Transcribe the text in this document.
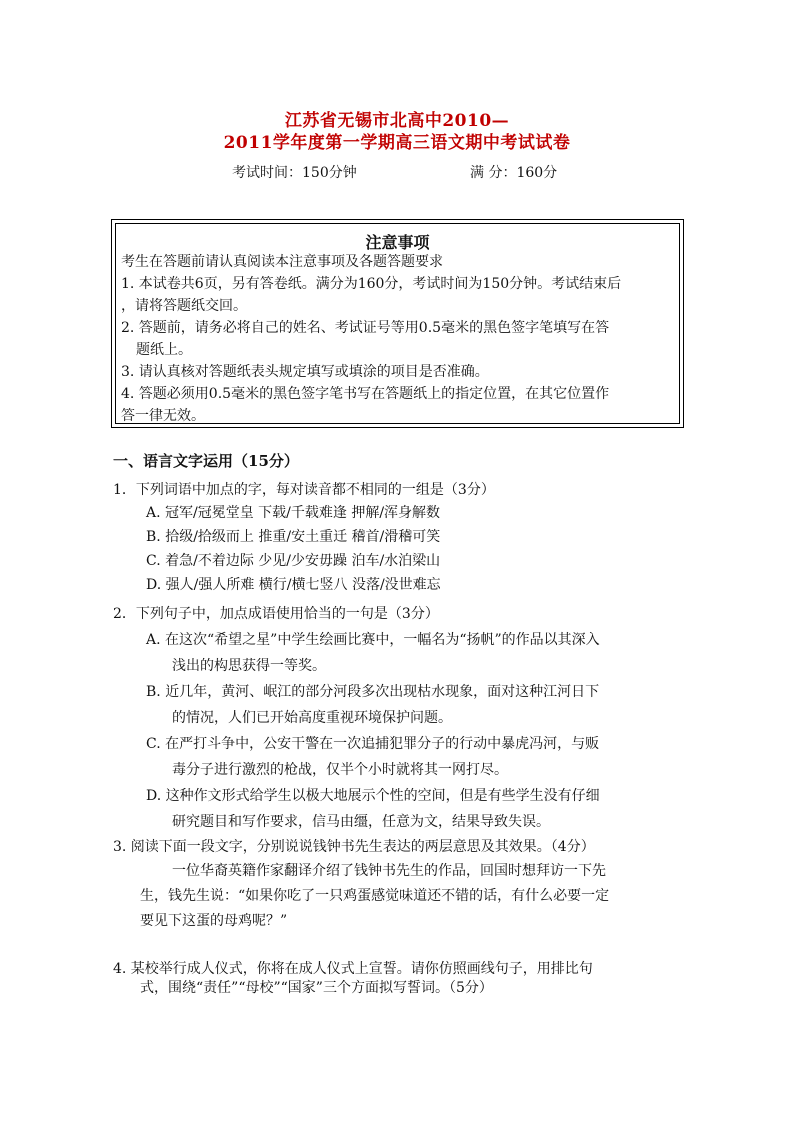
江苏省无锡市北高中2010—
2011学年度第一学期高三语文期中考试试卷
考试时间：150分钟	满 分：160分
注意事项
考生在答题前请认真阅读本注意事项及各题答题要求
1. 本试卷共6页，另有答卷纸。满分为160分，考试时间为150分钟。考试结束后
，请将答题纸交回。
2. 答题前，请务必将自己的姓名、考试证号等用0.5毫米的黑色签字笔填写在答
题纸上。
3. 请认真核对答题纸表头规定填写或填涂的项目是否准确。
4. 答题必须用0.5毫米的黑色签字笔书写在答题纸上的指定位置，在其它位置作
答一律无效。
一、语言文字运用（15分）
1．下列词语中加点的字，每对读音都不相同的一组是（3分）
A. 冠军/冠冕堂皇 下载/千载难逢 押解/浑身解数
B. 拾级/拾级而上 推重/安土重迁 稽首/滑稽可笑
C. 着急/不着边际 少见/少安毋躁 泊车/水泊梁山
D. 强人/强人所难 横行/横七竖八 没落/没世难忘
2．下列句子中，加点成语使用恰当的一句是（3分）
A. 在这次“希望之星”中学生绘画比赛中，一幅名为“扬帆”的作品以其深入
浅出的构思获得一等奖。
B. 近几年，黄河、岷江的部分河段多次出现枯水现象，面对这种江河日下
的情况，人们已开始高度重视环境保护问题。
C. 在严打斗争中，公安干警在一次追捕犯罪分子的行动中暴虎冯河，与贩
毒分子进行激烈的枪战，仅半个小时就将其一网打尽。
D. 这种作文形式给学生以极大地展示个性的空间，但是有些学生没有仔细
研究题目和写作要求，信马由缰，任意为文，结果导致失误。
3. 阅读下面一段文字，分别说说钱钟书先生表达的两层意思及其效果。（4分）
一位华裔英籍作家翻译介绍了钱钟书先生的作品，回国时想拜访一下先
生，钱先生说：“如果你吃了一只鸡蛋感觉味道还不错的话，有什么必要一定
要见下这蛋的母鸡呢？”
4. 某校举行成人仪式，你将在成人仪式上宣誓。请你仿照画线句子，用排比句
式，围绕“责任”“母校”“国家”三个方面拟写誓词。（5分）
